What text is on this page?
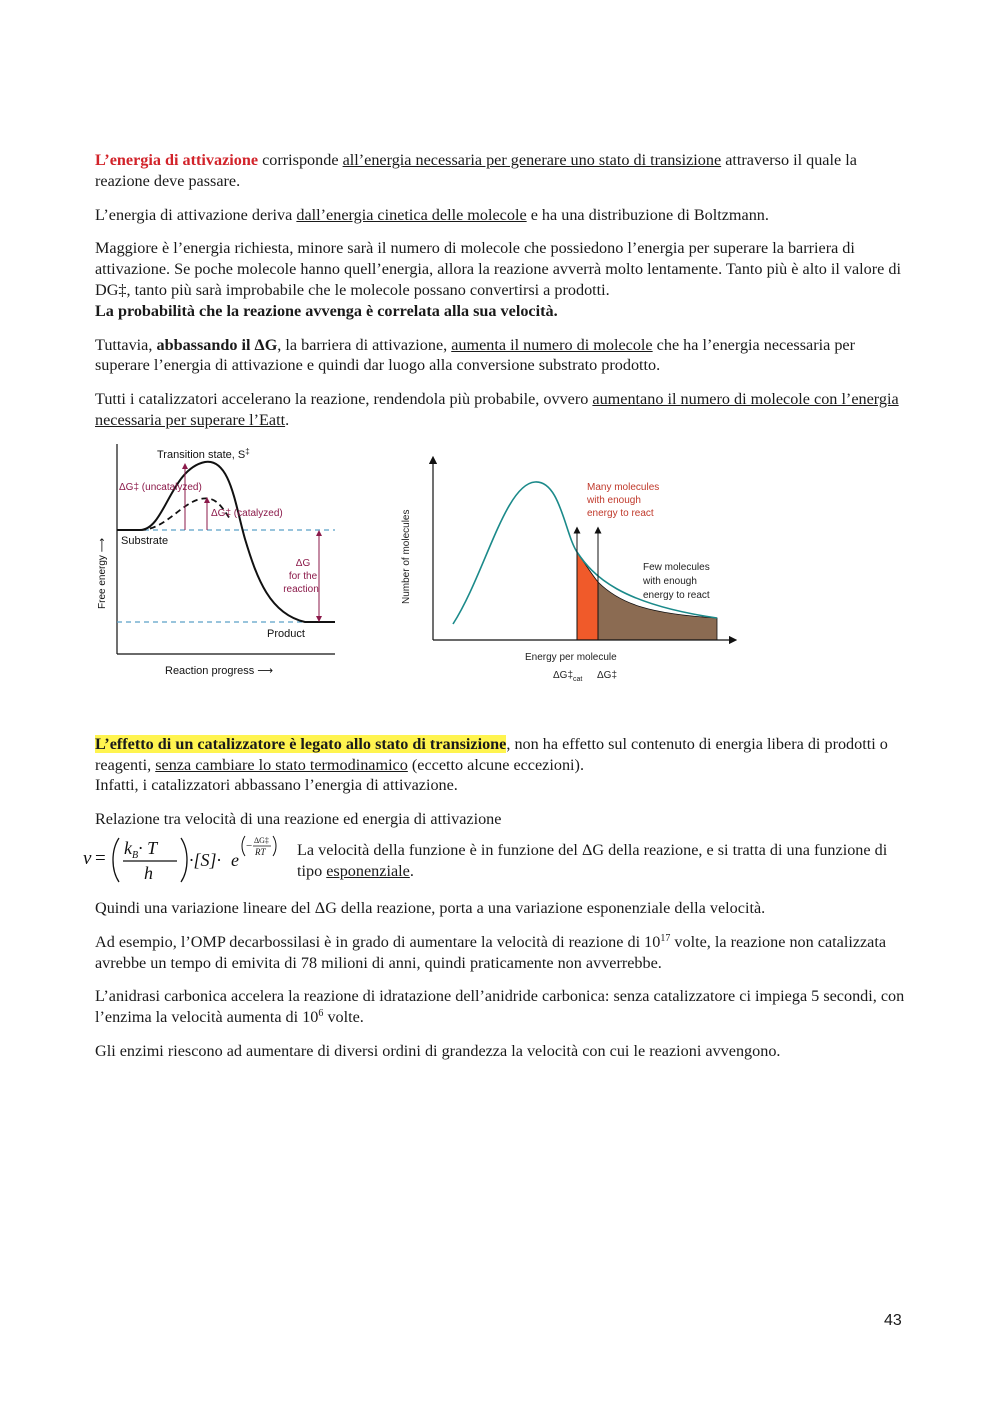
L’energia di attivazione corrisponde all’energia necessaria per generare uno stato di transizione attraverso il quale la reazione deve passare.

L’energia di attivazione deriva dall’energia cinetica delle molecole e ha una distribuzione di Boltzmann.

Maggiore è l’energia richiesta, minore sarà il numero di molecole che possiedono l’energia per superare la barriera di attivazione. Se poche molecole hanno quell’energia, allora la reazione avverrà molto lentamente. Tanto più è alto il valore di DG‡, tanto più sarà improbabile che le molecole possano convertirsi a prodotti.
La probabilità che la reazione avvenga è correlata alla sua velocità.

Tuttavia, abbassando il ΔG, la barriera di attivazione, aumenta il numero di molecole che ha l’energia necessaria per superare l’energia di attivazione e quindi dar luogo alla conversione substrato prodotto.

Tutti i catalizzatori accelerano la reazione, rendendola più probabile, ovvero aumentano il numero di molecole con l’energia necessaria per superare l’Eatt.

Transition state, S‡
ΔG‡ (uncatalyzed)
ΔG‡ (catalyzed)
Substrate
ΔG
for the
reaction
Product
Free energy ⟶
Reaction progress ⟶
Many molecules
with enough
energy to react
Few molecules
with enough
energy to react
Number of molecules
Energy per molecule
$\Delta G\ddagger_{cat}$ ΔG‡

L’effetto di un catalizzatore è legato allo stato di transizione, non ha effetto sul contenuto di energia libera di prodotti o reagenti, senza cambiare lo stato termodinamico (eccetto alcune eccezioni).
Infatti, i catalizzatori abbassano l’energia di attivazione.

Relazione tra velocità di una reazione ed energia di attivazione

$v = k_B\cdot T$
h
·[S]· e
− ΔG‡
RT La velocità della funzione è in funzione del ΔG della reazione, e si tratta di una funzione di tipo esponenziale.

Quindi una variazione lineare del ΔG della reazione, porta a una variazione esponenziale della velocità.

Ad esempio, l’OMP decarbossilasi è in grado di aumentare la velocità di reazione di $10^{17}$ volte, la reazione non catalizzata avrebbe un tempo di emivita di 78 milioni di anni, quindi praticamente non avverrebbe.

L’anidrasi carbonica accelera la reazione di idratazione dell’anidride carbonica: senza catalizzatore ci impiega 5 secondi, con l’enzima la velocità aumenta di $10^6$ volte.

Gli enzimi riescono ad aumentare di diversi ordini di grandezza la velocità con cui le reazioni avvengono.

43
